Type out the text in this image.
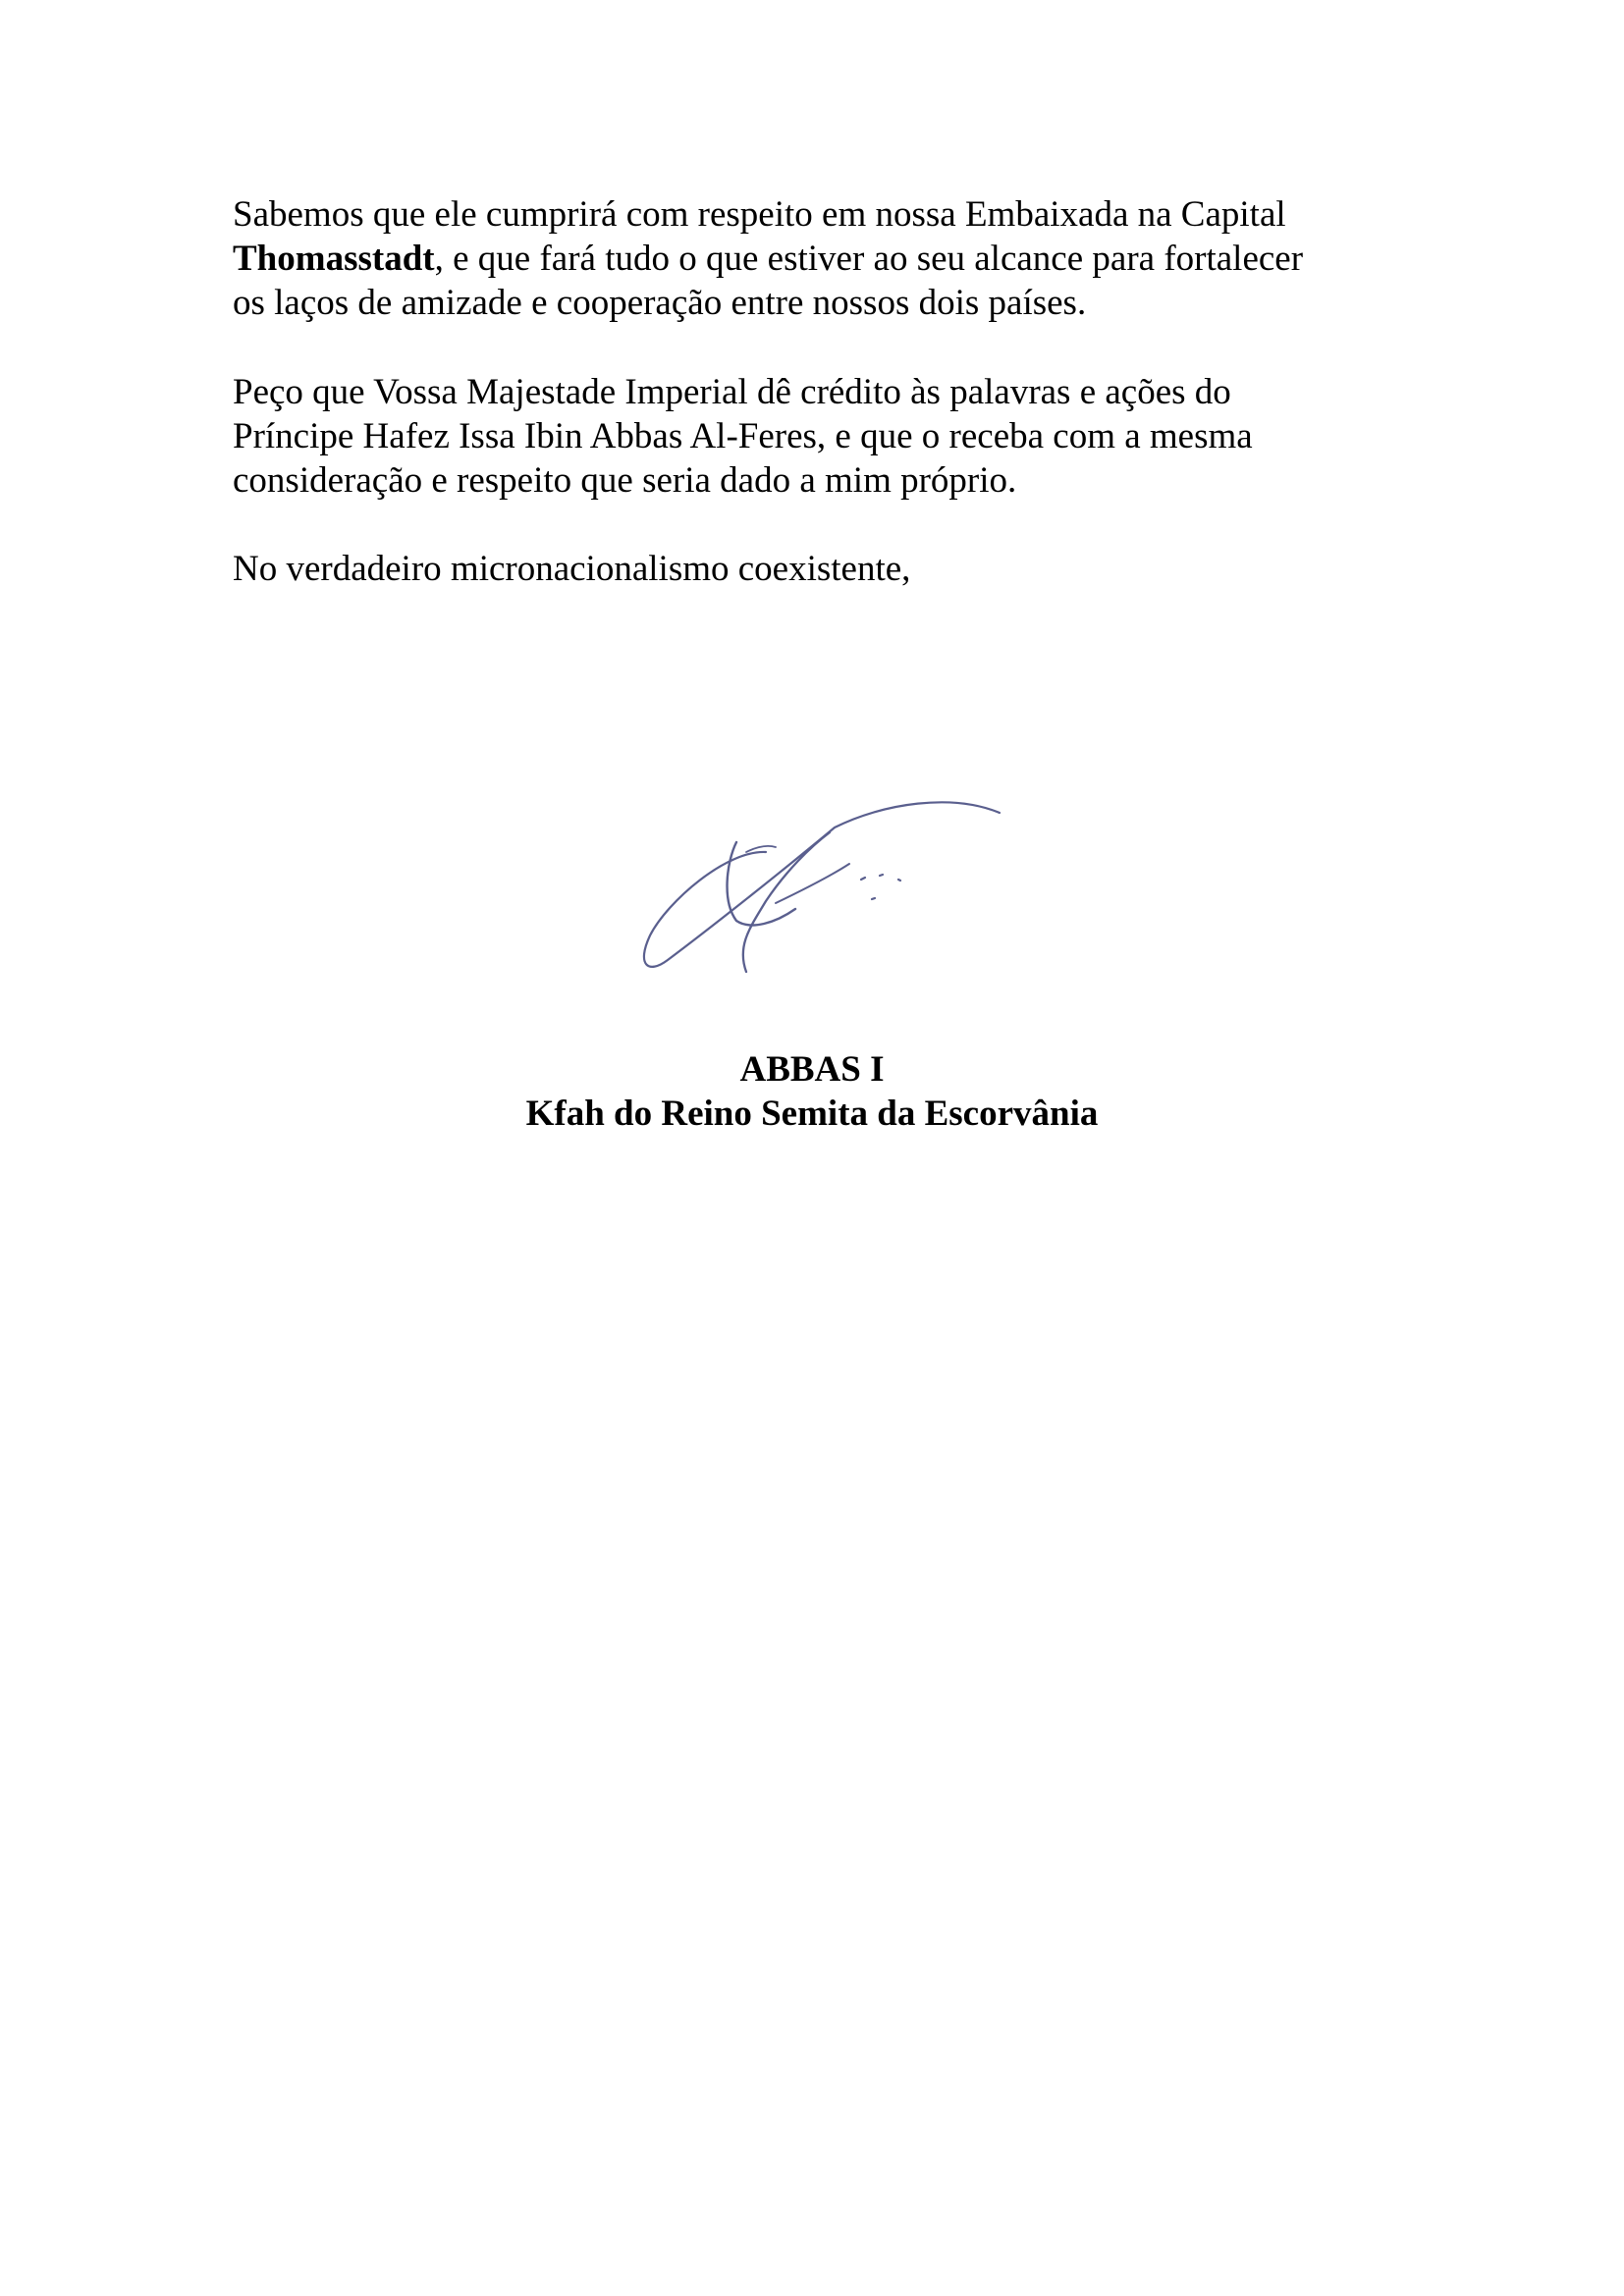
Sabemos que ele cumprirá com respeito em nossa Embaixada na Capital
Thomasstadt, e que fará tudo o que estiver ao seu alcance para fortalecer
os laços de amizade e cooperação entre nossos dois países.

Peço que Vossa Majestade Imperial dê crédito às palavras e ações do
Príncipe Hafez Issa Ibin Abbas Al-Feres, e que o receba com a mesma
consideração e respeito que seria dado a mim próprio.

No verdadeiro micronacionalismo coexistente,

ABBAS I
Kfah do Reino Semita da Escorvânia
